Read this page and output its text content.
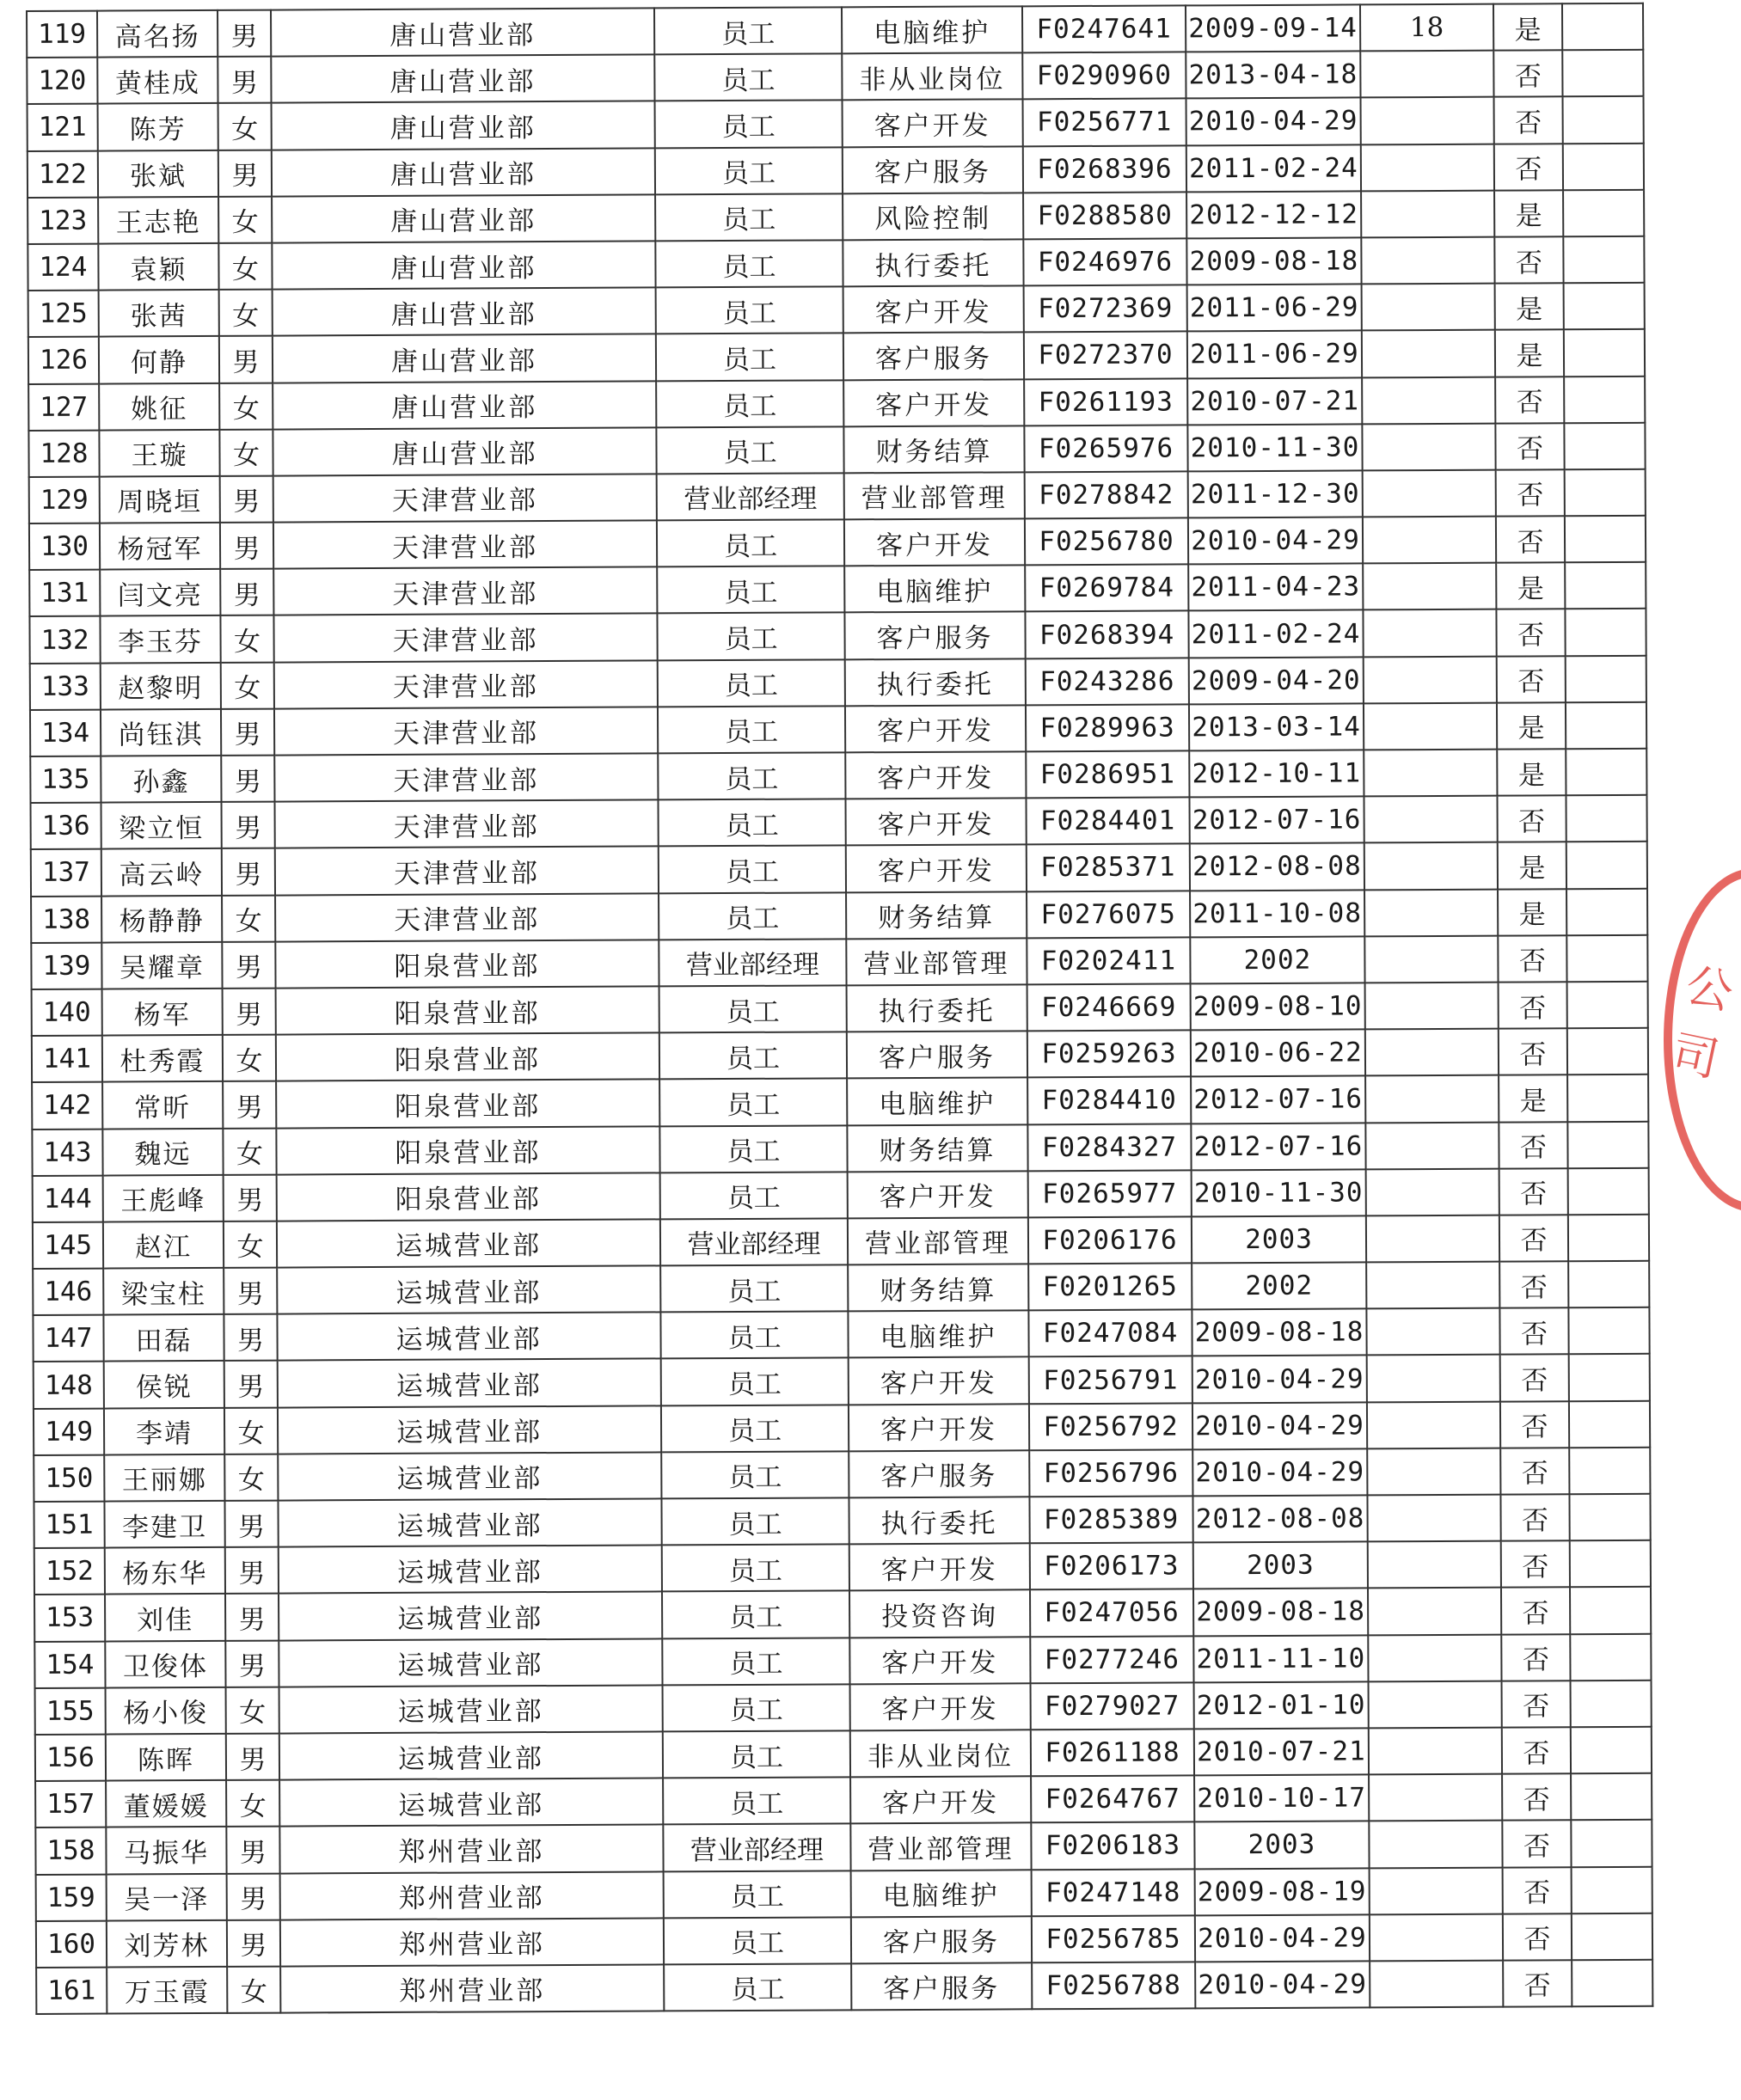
119	高名扬	男	唐山营业部	员工	电脑维护	F0247641	2009-09-14	18	是	
120	黄桂成	男	唐山营业部	员工	非从业岗位	F0290960	2013-04-18		否	
121	陈芳	女	唐山营业部	员工	客户开发	F0256771	2010-04-29		否	
122	张斌	男	唐山营业部	员工	客户服务	F0268396	2011-02-24		否	
123	王志艳	女	唐山营业部	员工	风险控制	F0288580	2012-12-12		是	
124	袁颖	女	唐山营业部	员工	执行委托	F0246976	2009-08-18		否	
125	张茜	女	唐山营业部	员工	客户开发	F0272369	2011-06-29		是	
126	何静	男	唐山营业部	员工	客户服务	F0272370	2011-06-29		是	
127	姚征	女	唐山营业部	员工	客户开发	F0261193	2010-07-21		否	
128	王璇	女	唐山营业部	员工	财务结算	F0265976	2010-11-30		否	
129	周晓垣	男	天津营业部	营业部经理	营业部管理	F0278842	2011-12-30		否	
130	杨冠军	男	天津营业部	员工	客户开发	F0256780	2010-04-29		否	
131	闫文亮	男	天津营业部	员工	电脑维护	F0269784	2011-04-23		是	
132	李玉芬	女	天津营业部	员工	客户服务	F0268394	2011-02-24		否	
133	赵黎明	女	天津营业部	员工	执行委托	F0243286	2009-04-20		否	
134	尚钰淇	男	天津营业部	员工	客户开发	F0289963	2013-03-14		是	
135	孙鑫	男	天津营业部	员工	客户开发	F0286951	2012-10-11		是	
136	梁立恒	男	天津营业部	员工	客户开发	F0284401	2012-07-16		否	
137	高云岭	男	天津营业部	员工	客户开发	F0285371	2012-08-08		是	
138	杨静静	女	天津营业部	员工	财务结算	F0276075	2011-10-08		是	
139	吴耀章	男	阳泉营业部	营业部经理	营业部管理	F0202411	2002		否	
140	杨军	男	阳泉营业部	员工	执行委托	F0246669	2009-08-10		否	
141	杜秀霞	女	阳泉营业部	员工	客户服务	F0259263	2010-06-22		否	
142	常昕	男	阳泉营业部	员工	电脑维护	F0284410	2012-07-16		是	
143	魏远	女	阳泉营业部	员工	财务结算	F0284327	2012-07-16		否	
144	王彪峰	男	阳泉营业部	员工	客户开发	F0265977	2010-11-30		否	
145	赵江	女	运城营业部	营业部经理	营业部管理	F0206176	2003		否	
146	梁宝柱	男	运城营业部	员工	财务结算	F0201265	2002		否	
147	田磊	男	运城营业部	员工	电脑维护	F0247084	2009-08-18		否	
148	侯锐	男	运城营业部	员工	客户开发	F0256791	2010-04-29		否	
149	李靖	女	运城营业部	员工	客户开发	F0256792	2010-04-29		否	
150	王丽娜	女	运城营业部	员工	客户服务	F0256796	2010-04-29		否	
151	李建卫	男	运城营业部	员工	执行委托	F0285389	2012-08-08		否	
152	杨东华	男	运城营业部	员工	客户开发	F0206173	2003		否	
153	刘佳	男	运城营业部	员工	投资咨询	F0247056	2009-08-18		否	
154	卫俊体	男	运城营业部	员工	客户开发	F0277246	2011-11-10		否	
155	杨小俊	女	运城营业部	员工	客户开发	F0279027	2012-01-10		否	
156	陈晖	男	运城营业部	员工	非从业岗位	F0261188	2010-07-21		否	
157	董媛媛	女	运城营业部	员工	客户开发	F0264767	2010-10-17		否	
158	马振华	男	郑州营业部	营业部经理	营业部管理	F0206183	2003		否	
159	吴一泽	男	郑州营业部	员工	电脑维护	F0247148	2009-08-19		否	
160	刘芳林	男	郑州营业部	员工	客户服务	F0256785	2010-04-29		否	
161	万玉霞	女	郑州营业部	员工	客户服务	F0256788	2010-04-29		否	
公司
